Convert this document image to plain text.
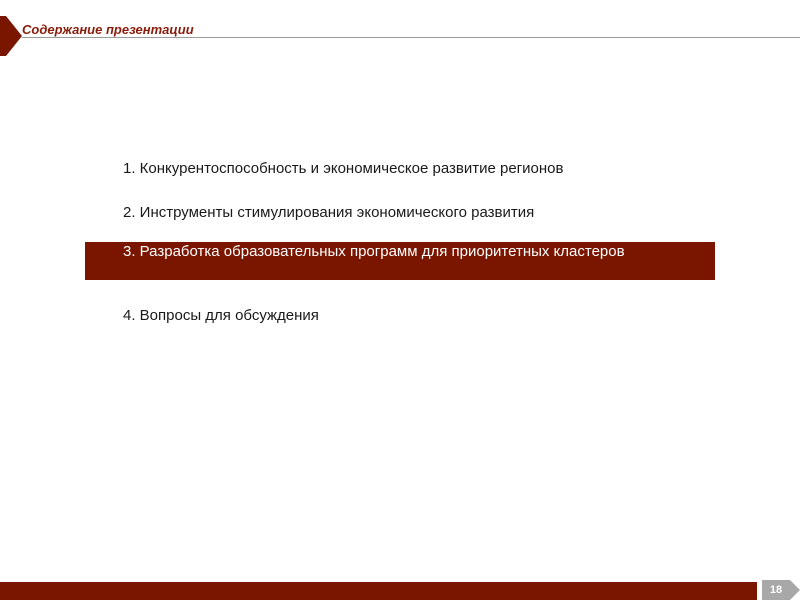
Содержание презентации
1. Конкурентоспособность и экономическое развитие регионов
2. Инструменты стимулирования экономического развития
3. Разработка образовательных программ для приоритетных кластеров
4. Вопросы для обсуждения
18
